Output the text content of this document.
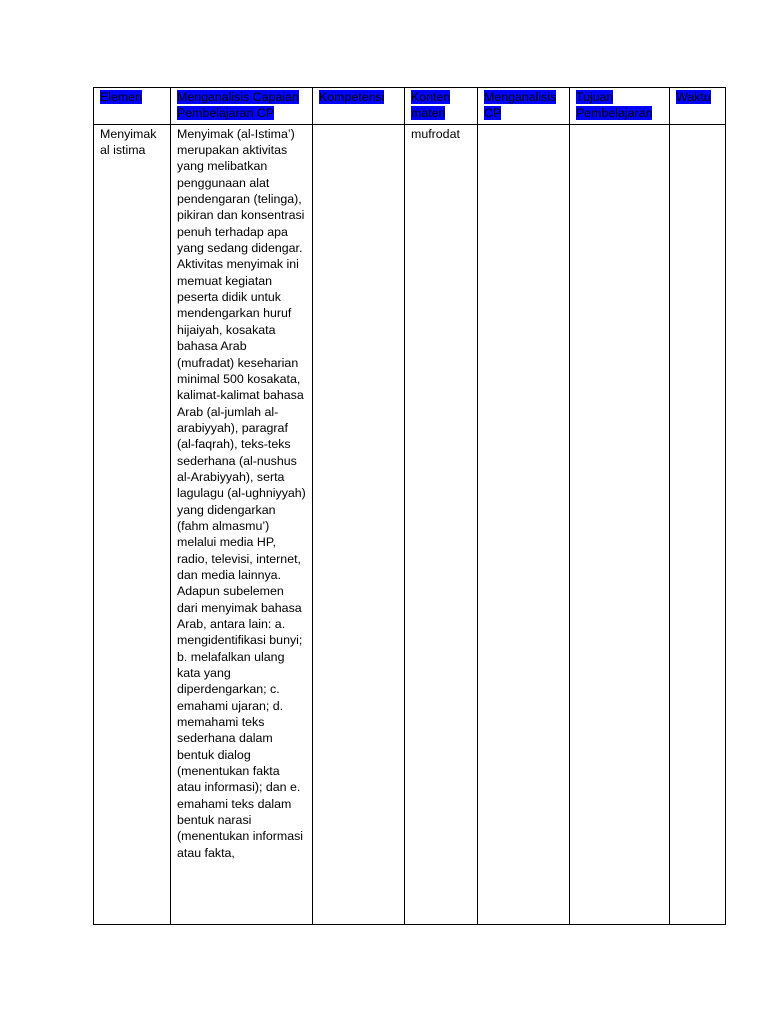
Elemen	Menganalisis Capaian Pembelajaran CP	Kompetensi	Konten materi	Menganalisis CP	Tujuan Pembelajaran	Waktu

Menyimak al istima	Menyimak (al-Istima’) merupakan aktivitas yang melibatkan penggunaan alat pendengaran (telinga), pikiran dan konsentrasi penuh terhadap apa yang sedang didengar. Aktivitas menyimak ini memuat kegiatan peserta didik untuk mendengarkan huruf hijaiyah, kosakata bahasa Arab (mufradat) keseharian minimal 500 kosakata, kalimat-kalimat bahasa Arab (al-jumlah al-arabiyyah), paragraf (al-faqrah), teks-teks sederhana (al-nushus al-Arabiyyah), serta lagulagu (al-ughniyyah) yang didengarkan (fahm almasmu’) melalui media HP, radio, televisi, internet, dan media lainnya. Adapun subelemen dari menyimak bahasa Arab, antara lain: a. mengidentifikasi bunyi; b. melafalkan ulang kata yang diperdengarkan; c. emahami ujaran; d. memahami teks sederhana dalam bentuk dialog (menentukan fakta atau informasi); dan e. emahami teks dalam bentuk narasi (menentukan informasi atau fakta,		mufrodat			
